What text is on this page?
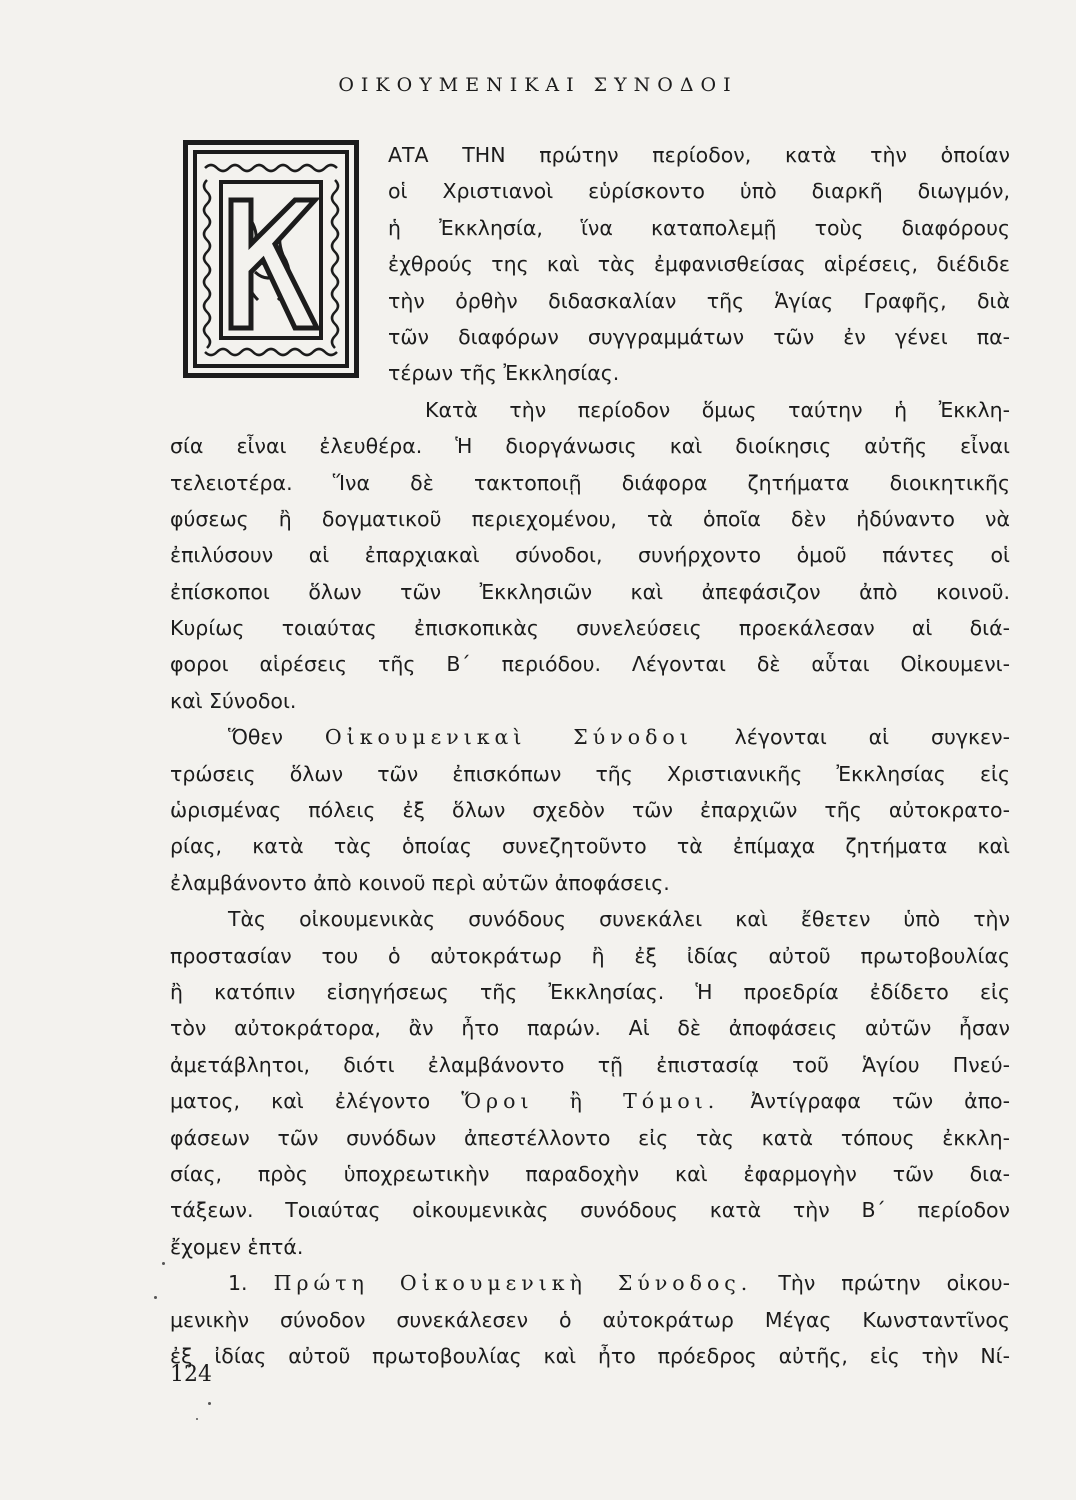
ΟΙΚΟΥΜΕΝΙΚΑΙ ΣΥΝΟΔΟΙ
Κ
ΑΤΑ ΤΗΝ πρώτην περίοδον, κατὰ τὴν ὁποίαν
οἱ Χριστιανοὶ εὑρίσκοντο ὑπὸ διαρκῆ διωγμόν,
ἡ Ἐκκλησία, ἵνα καταπολεμῇ τοὺς διαφόρους
ἐχθρούς της καὶ τὰς ἐμφανισθείσας αἱρέσεις, διέδιδε
τὴν ὀρθὴν διδασκαλίαν τῆς Ἁγίας Γραφῆς, διὰ
τῶν διαφόρων συγγραμμάτων τῶν ἐν γένει πα-
τέρων τῆς Ἐκκλησίας.
Κατὰ τὴν περίοδον ὅμως ταύτην ἡ Ἐκκλη-
σία εἶναι ἐλευθέρα. Ἡ διοργάνωσις καὶ διοίκησις αὐτῆς εἶναι
τελειοτέρα. Ἵνα δὲ τακτοποιῇ διάφορα ζητήματα διοικητικῆς
φύσεως ἢ δογματικοῦ περιεχομένου, τὰ ὁποῖα δὲν ἠδύναντο νὰ
ἐπιλύσουν αἱ ἐπαρχιακαὶ σύνοδοι, συνήρχοντο ὁμοῦ πάντες οἱ
ἐπίσκοποι ὅλων τῶν Ἐκκλησιῶν καὶ ἀπεφάσιζον ἀπὸ κοινοῦ.
Κυρίως τοιαύτας ἐπισκοπικὰς συνελεύσεις προεκάλεσαν αἱ διά-
φοροι αἱρέσεις τῆς Β΄ περιόδου. Λέγονται δὲ αὗται Οἰκουμενι-
καὶ Σύνοδοι.
Ὅθεν Οἰκουμενικαὶ Σύνοδοι λέγονται αἱ συγκεν-
τρώσεις ὅλων τῶν ἐπισκόπων τῆς Χριστιανικῆς Ἐκκλησίας εἰς
ὡρισμένας πόλεις ἐξ ὅλων σχεδὸν τῶν ἐπαρχιῶν τῆς αὐτοκρατο-
ρίας, κατὰ τὰς ὁποίας συνεζητοῦντο τὰ ἐπίμαχα ζητήματα καὶ
ἐλαμβάνοντο ἀπὸ κοινοῦ περὶ αὐτῶν ἀποφάσεις.
Τὰς οἰκουμενικὰς συνόδους συνεκάλει καὶ ἔθετεν ὑπὸ τὴν
προστασίαν του ὁ αὐτοκράτωρ ἢ ἐξ ἰδίας αὐτοῦ πρωτοβουλίας
ἢ κατόπιν εἰσηγήσεως τῆς Ἐκκλησίας. Ἡ προεδρία ἐδίδετο εἰς
τὸν αὐτοκράτορα, ἂν ἦτο παρών. Αἱ δὲ ἀποφάσεις αὐτῶν ἦσαν
ἀμετάβλητοι, διότι ἐλαμβάνοντο τῇ ἐπιστασίᾳ τοῦ Ἁγίου Πνεύ-
ματος, καὶ ἐλέγοντο Ὅροι ἢ Τόμοι. Ἀντίγραφα τῶν ἀπο-
φάσεων τῶν συνόδων ἀπεστέλλοντο εἰς τὰς κατὰ τόπους ἐκκλη-
σίας, πρὸς ὑποχρεωτικὴν παραδοχὴν καὶ ἐφαρμογὴν τῶν δια-
τάξεων. Τοιαύτας οἰκουμενικὰς συνόδους κατὰ τὴν Β΄ περίοδον
ἔχομεν ἑπτά.
1. Πρώτη Οἰκουμενικὴ Σύνοδος. Τὴν πρώτην οἰκου-
μενικὴν σύνοδον συνεκάλεσεν ὁ αὐτοκράτωρ Μέγας Κωνσταντῖνος
ἐξ ἰδίας αὐτοῦ πρωτοβουλίας καὶ ἦτο πρόεδρος αὐτῆς, εἰς τὴν Νί-
124
